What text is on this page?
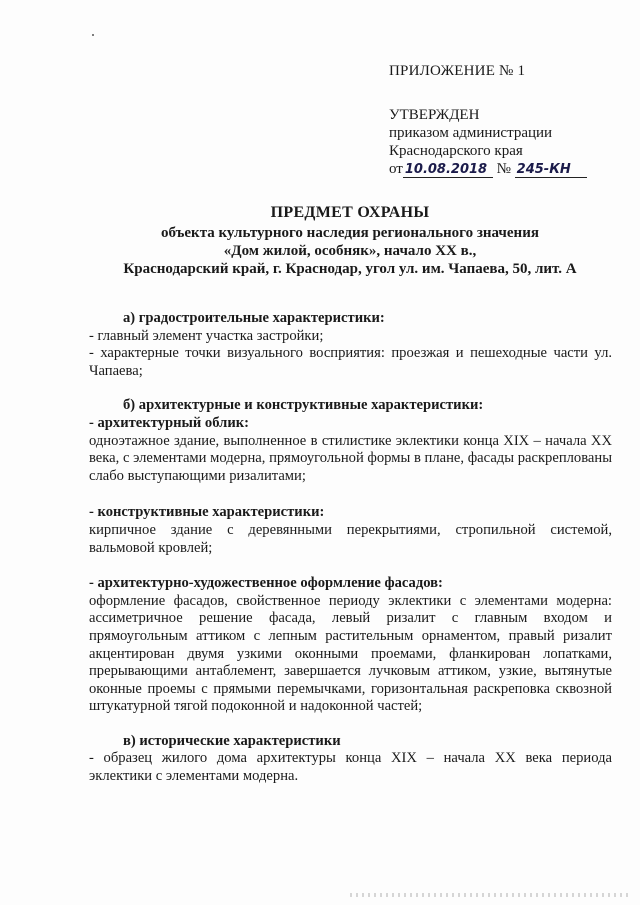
ПРИЛОЖЕНИЕ № 1
УТВЕРЖДЕН
приказом администрации
Краснодарского края
от 10.08.2018 № 245-КН
ПРЕДМЕТ ОХРАНЫ
объекта культурного наследия регионального значения
«Дом жилой, особняк», начало XX в.,
Краснодарский край, г. Краснодар, угол ул. им. Чапаева, 50, лит. А

а) градостроительные характеристики:

- главный элемент участка застройки;

- характерные точки визуального восприятия: проезжая и пешеходные части ул. Чапаева;

б) архитектурные и конструктивные характеристики:

- архитектурный облик:

одноэтажное здание, выполненное в стилистике эклектики конца XIX – начала XX века, с элементами модерна, прямоугольной формы в плане, фасады раскреплованы слабо выступающими ризалитами;

- конструктивные характеристики:

кирпичное здание с деревянными перекрытиями, стропильной системой, вальмовой кровлей;

- архитектурно-художественное оформление фасадов:

оформление фасадов, свойственное периоду эклектики с элементами модерна: ассиметричное решение фасада, левый ризалит с главным входом и прямоугольным аттиком с лепным растительным орнаментом, правый ризалит акцентирован двумя узкими оконными проемами, фланкирован лопатками, прерывающими антаблемент, завершается лучковым аттиком, узкие, вытянутые оконные проемы с прямыми перемычками, горизонтальная раскреповка сквозной штукатурной тягой подоконной и надоконной частей;

в) исторические характеристики

- образец жилого дома архитектуры конца XIX – начала XX века периода эклектики с элементами модерна.
